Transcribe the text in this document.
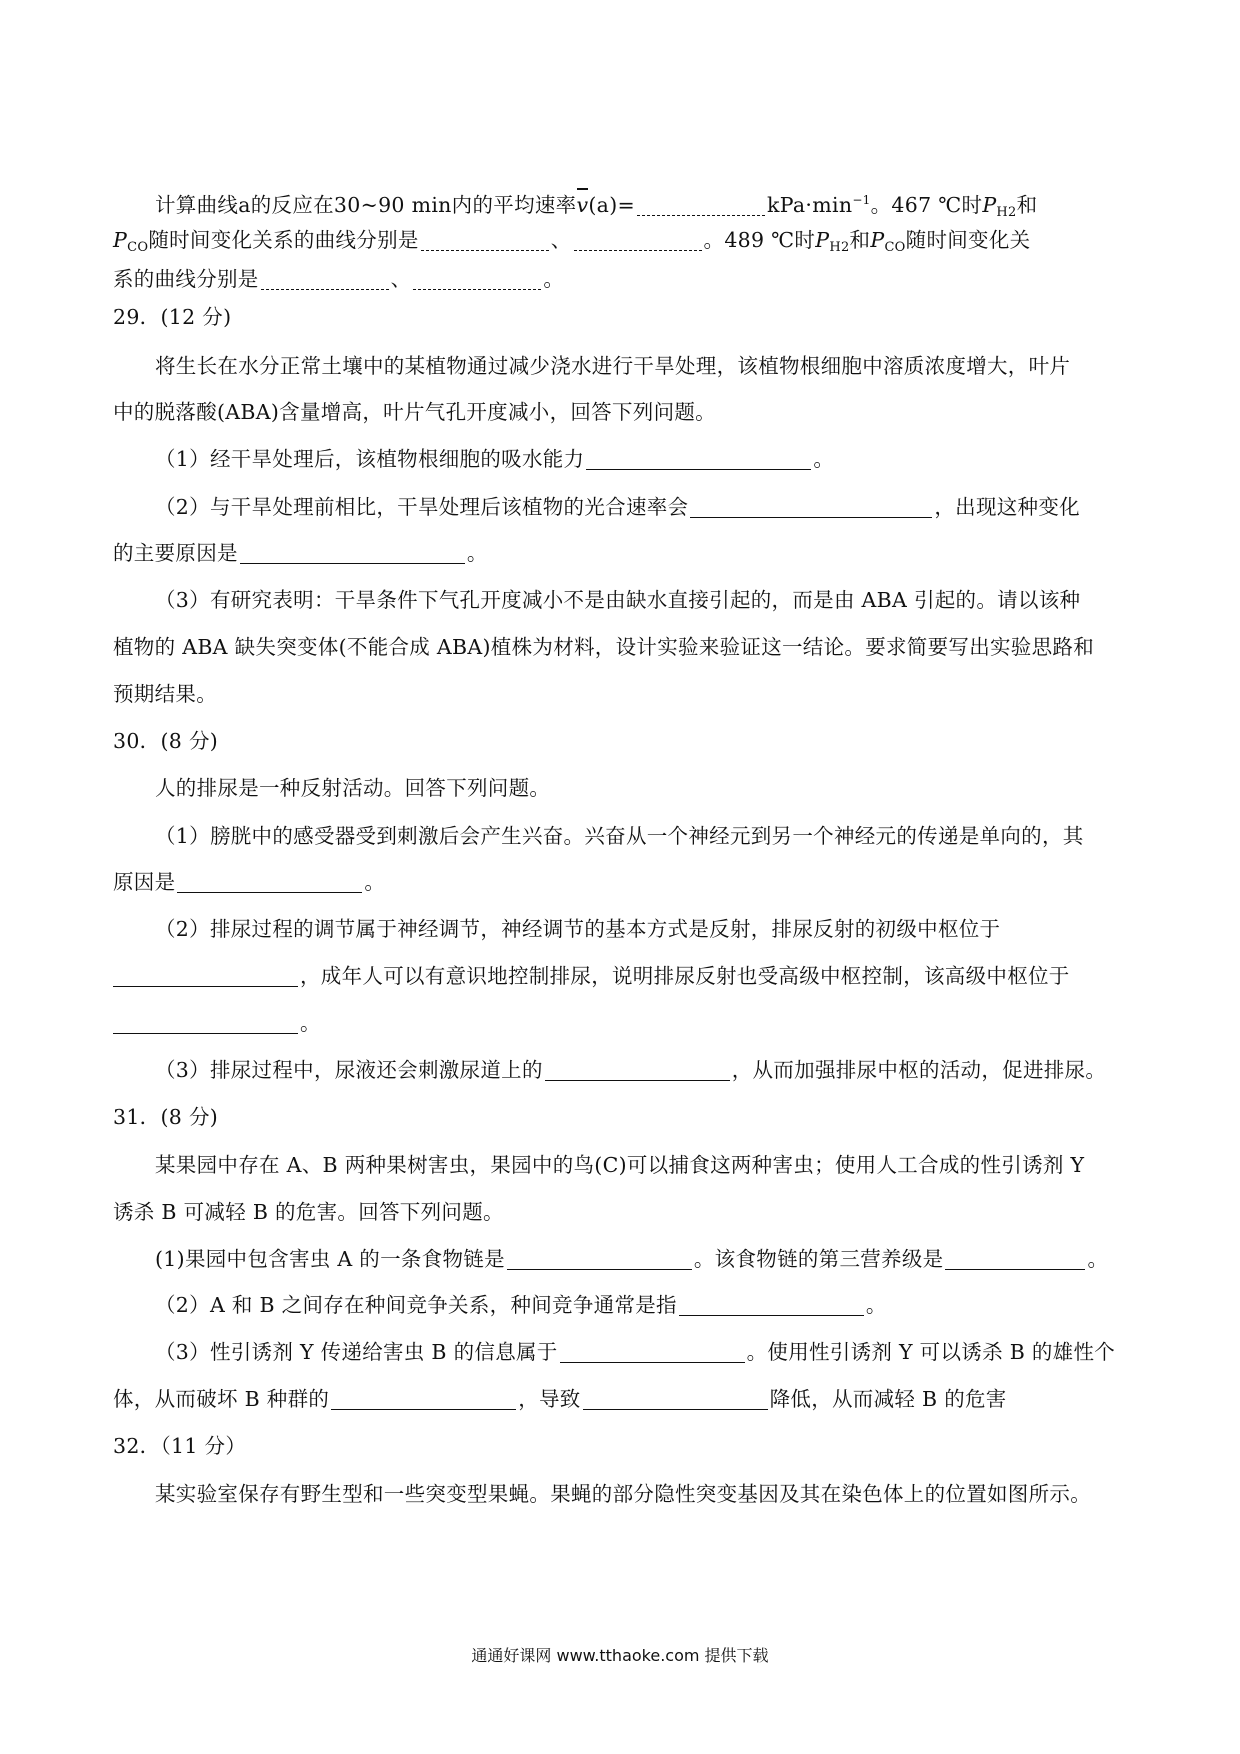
计算曲线a的反应在30~90 min内的平均速率v(a)=	$kPa\cdot\min^{-1}$。467 ℃时$P_{H2}$和
$P_{CO}$随时间变化关系的曲线分别是	、	。489 ℃时$P_{H2}$和$P_{CO}$随时间变化关
系的曲线分别是	、	。
29．(12 分)
将生长在水分正常土壤中的某植物通过减少浇水进行干旱处理，该植物根细胞中溶质浓度增大，叶片
中的脱落酸(ABA)含量增高，叶片气孔开度减小，回答下列问题。
（1）经干旱处理后，该植物根细胞的吸水能力	。
（2）与干旱处理前相比，干旱处理后该植物的光合速率会	，出现这种变化
的主要原因是	。
（3）有研究表明：干旱条件下气孔开度减小不是由缺水直接引起的，而是由 ABA 引起的。请以该种
植物的 ABA 缺失突变体(不能合成 ABA)植株为材料，设计实验来验证这一结论。要求简要写出实验思路和
预期结果。
30．(8 分)
人的排尿是一种反射活动。回答下列问题。
（1）膀胱中的感受器受到刺激后会产生兴奋。兴奋从一个神经元到另一个神经元的传递是单向的，其
原因是	。
（2）排尿过程的调节属于神经调节，神经调节的基本方式是反射，排尿反射的初级中枢位于
，成年人可以有意识地控制排尿，说明排尿反射也受高级中枢控制，该高级中枢位于
。
（3）排尿过程中，尿液还会刺激尿道上的	，从而加强排尿中枢的活动，促进排尿。
31．(8 分)
某果园中存在 A、B 两种果树害虫，果园中的鸟(C)可以捕食这两种害虫；使用人工合成的性引诱剂 Y
诱杀 B 可减轻 B 的危害。回答下列问题。
(1)果园中包含害虫 A 的一条食物链是	。该食物链的第三营养级是	。
（2）A 和 B 之间存在种间竞争关系，种间竞争通常是指	。
（3）性引诱剂 Y 传递给害虫 B 的信息属于	。使用性引诱剂 Y 可以诱杀 B 的雄性个
体，从而破坏 B 种群的	，导致	降低，从而减轻 B 的危害
32．（11 分）
某实验室保存有野生型和一些突变型果蝇。果蝇的部分隐性突变基因及其在染色体上的位置如图所示。
通通好课网 www.tthaoke.com 提供下载
